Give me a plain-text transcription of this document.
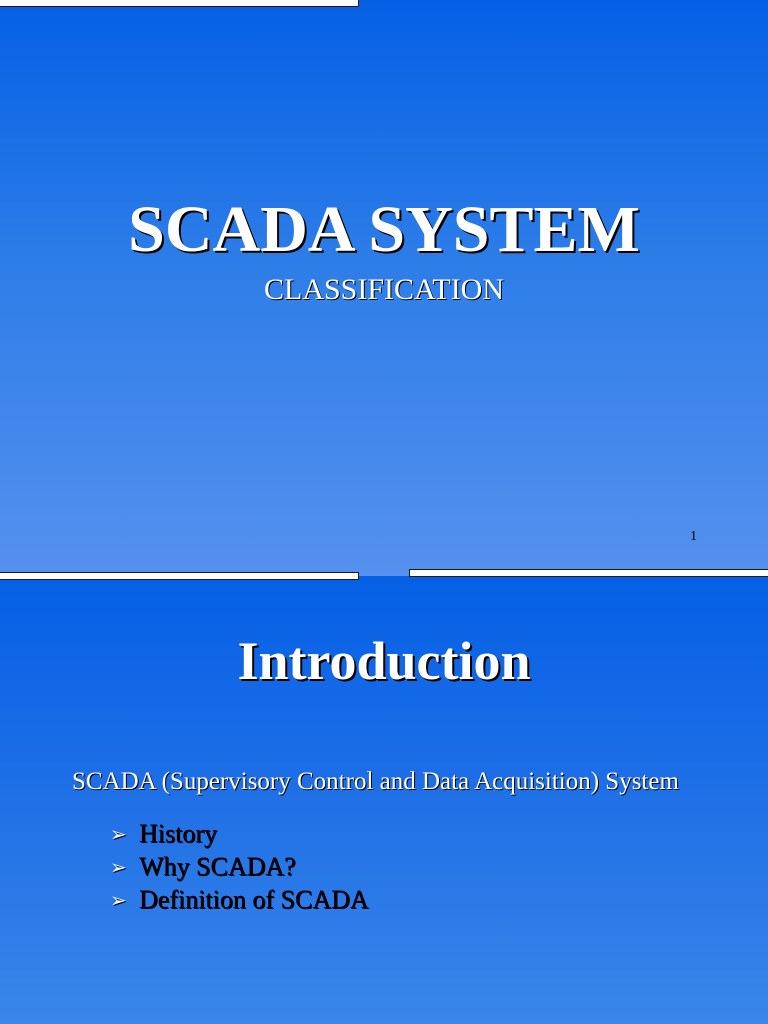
SCADA SYSTEM
CLASSIFICATION
1
Introduction
SCADA (Supervisory Control and Data Acquisition) System
➢ History
➢ Why SCADA?
➢ Definition of SCADA
